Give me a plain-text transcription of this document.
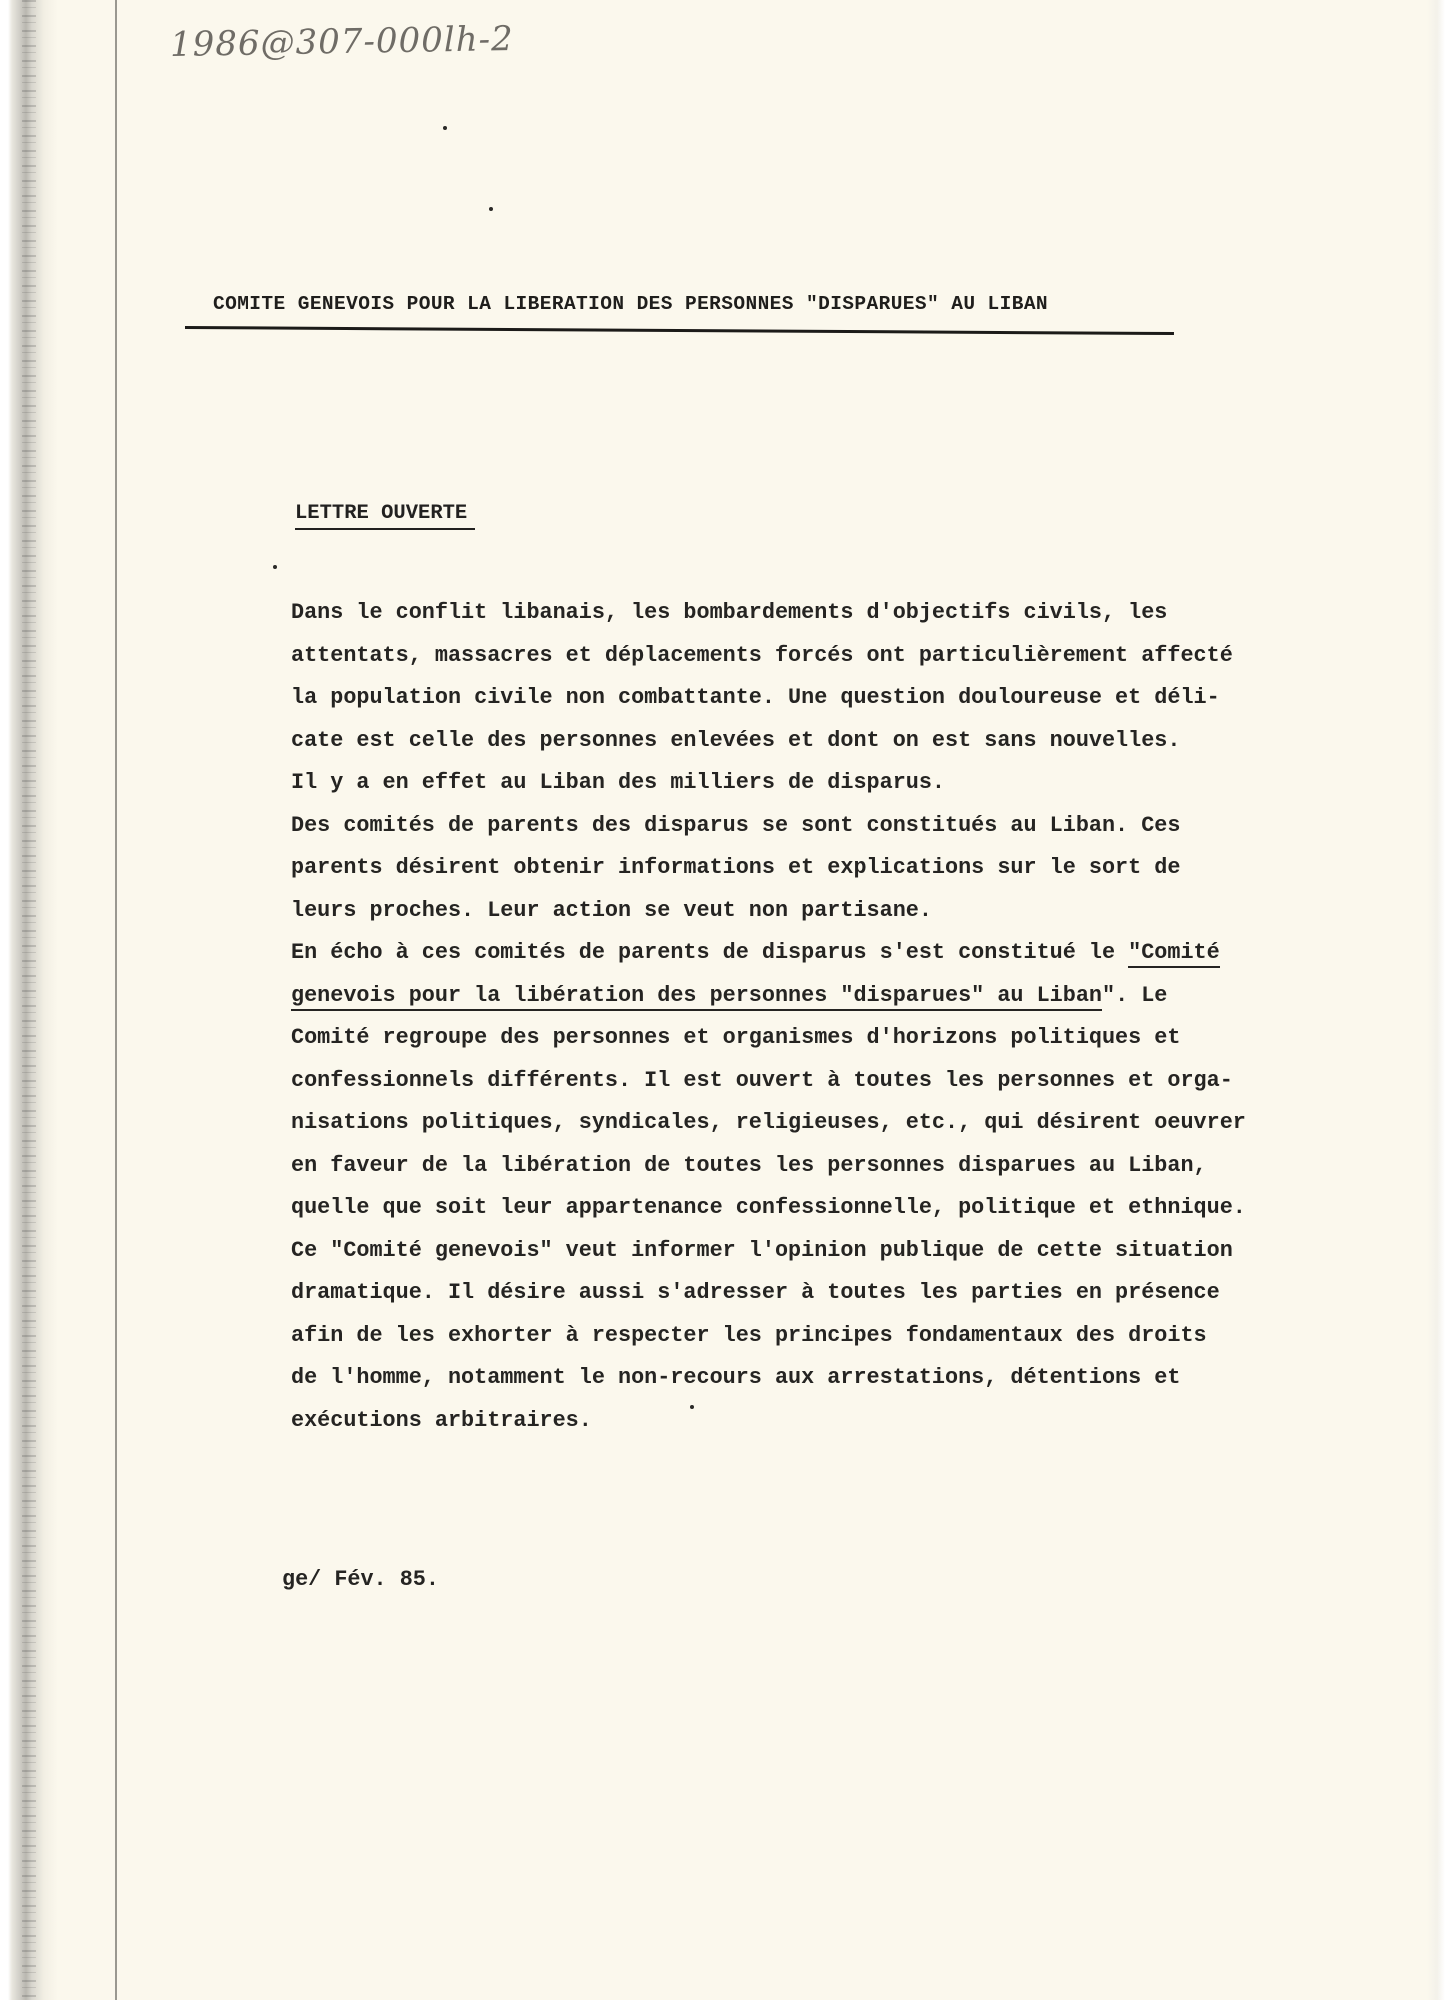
1986@307-000lh-2
COMITE GENEVOIS POUR LA LIBERATION DES PERSONNES "DISPARUES" AU LIBAN
LETTRE OUVERTE
Dans le conflit libanais, les bombardements d'objectifs civils, les
attentats, massacres et déplacements forcés ont particulièrement affecté
la population civile non combattante. Une question douloureuse et déli-
cate est celle des personnes enlevées et dont on est sans nouvelles.
Il y a en effet au Liban des milliers de disparus.
Des comités de parents des disparus se sont constitués au Liban. Ces
parents désirent obtenir informations et explications sur le sort de
leurs proches. Leur action se veut non partisane.
En écho à ces comités de parents de disparus s'est constitué le "Comité
genevois pour la libération des personnes "disparues" au Liban". Le
Comité regroupe des personnes et organismes d'horizons politiques et
confessionnels différents. Il est ouvert à toutes les personnes et orga-
nisations politiques, syndicales, religieuses, etc., qui désirent oeuvrer
en faveur de la libération de toutes les personnes disparues au Liban,
quelle que soit leur appartenance confessionnelle, politique et ethnique.
Ce "Comité genevois" veut informer l'opinion publique de cette situation
dramatique. Il désire aussi s'adresser à toutes les parties en présence
afin de les exhorter à respecter les principes fondamentaux des droits
de l'homme, notamment le non-recours aux arrestations, détentions et
exécutions arbitraires.
ge/ Fév. 85.
